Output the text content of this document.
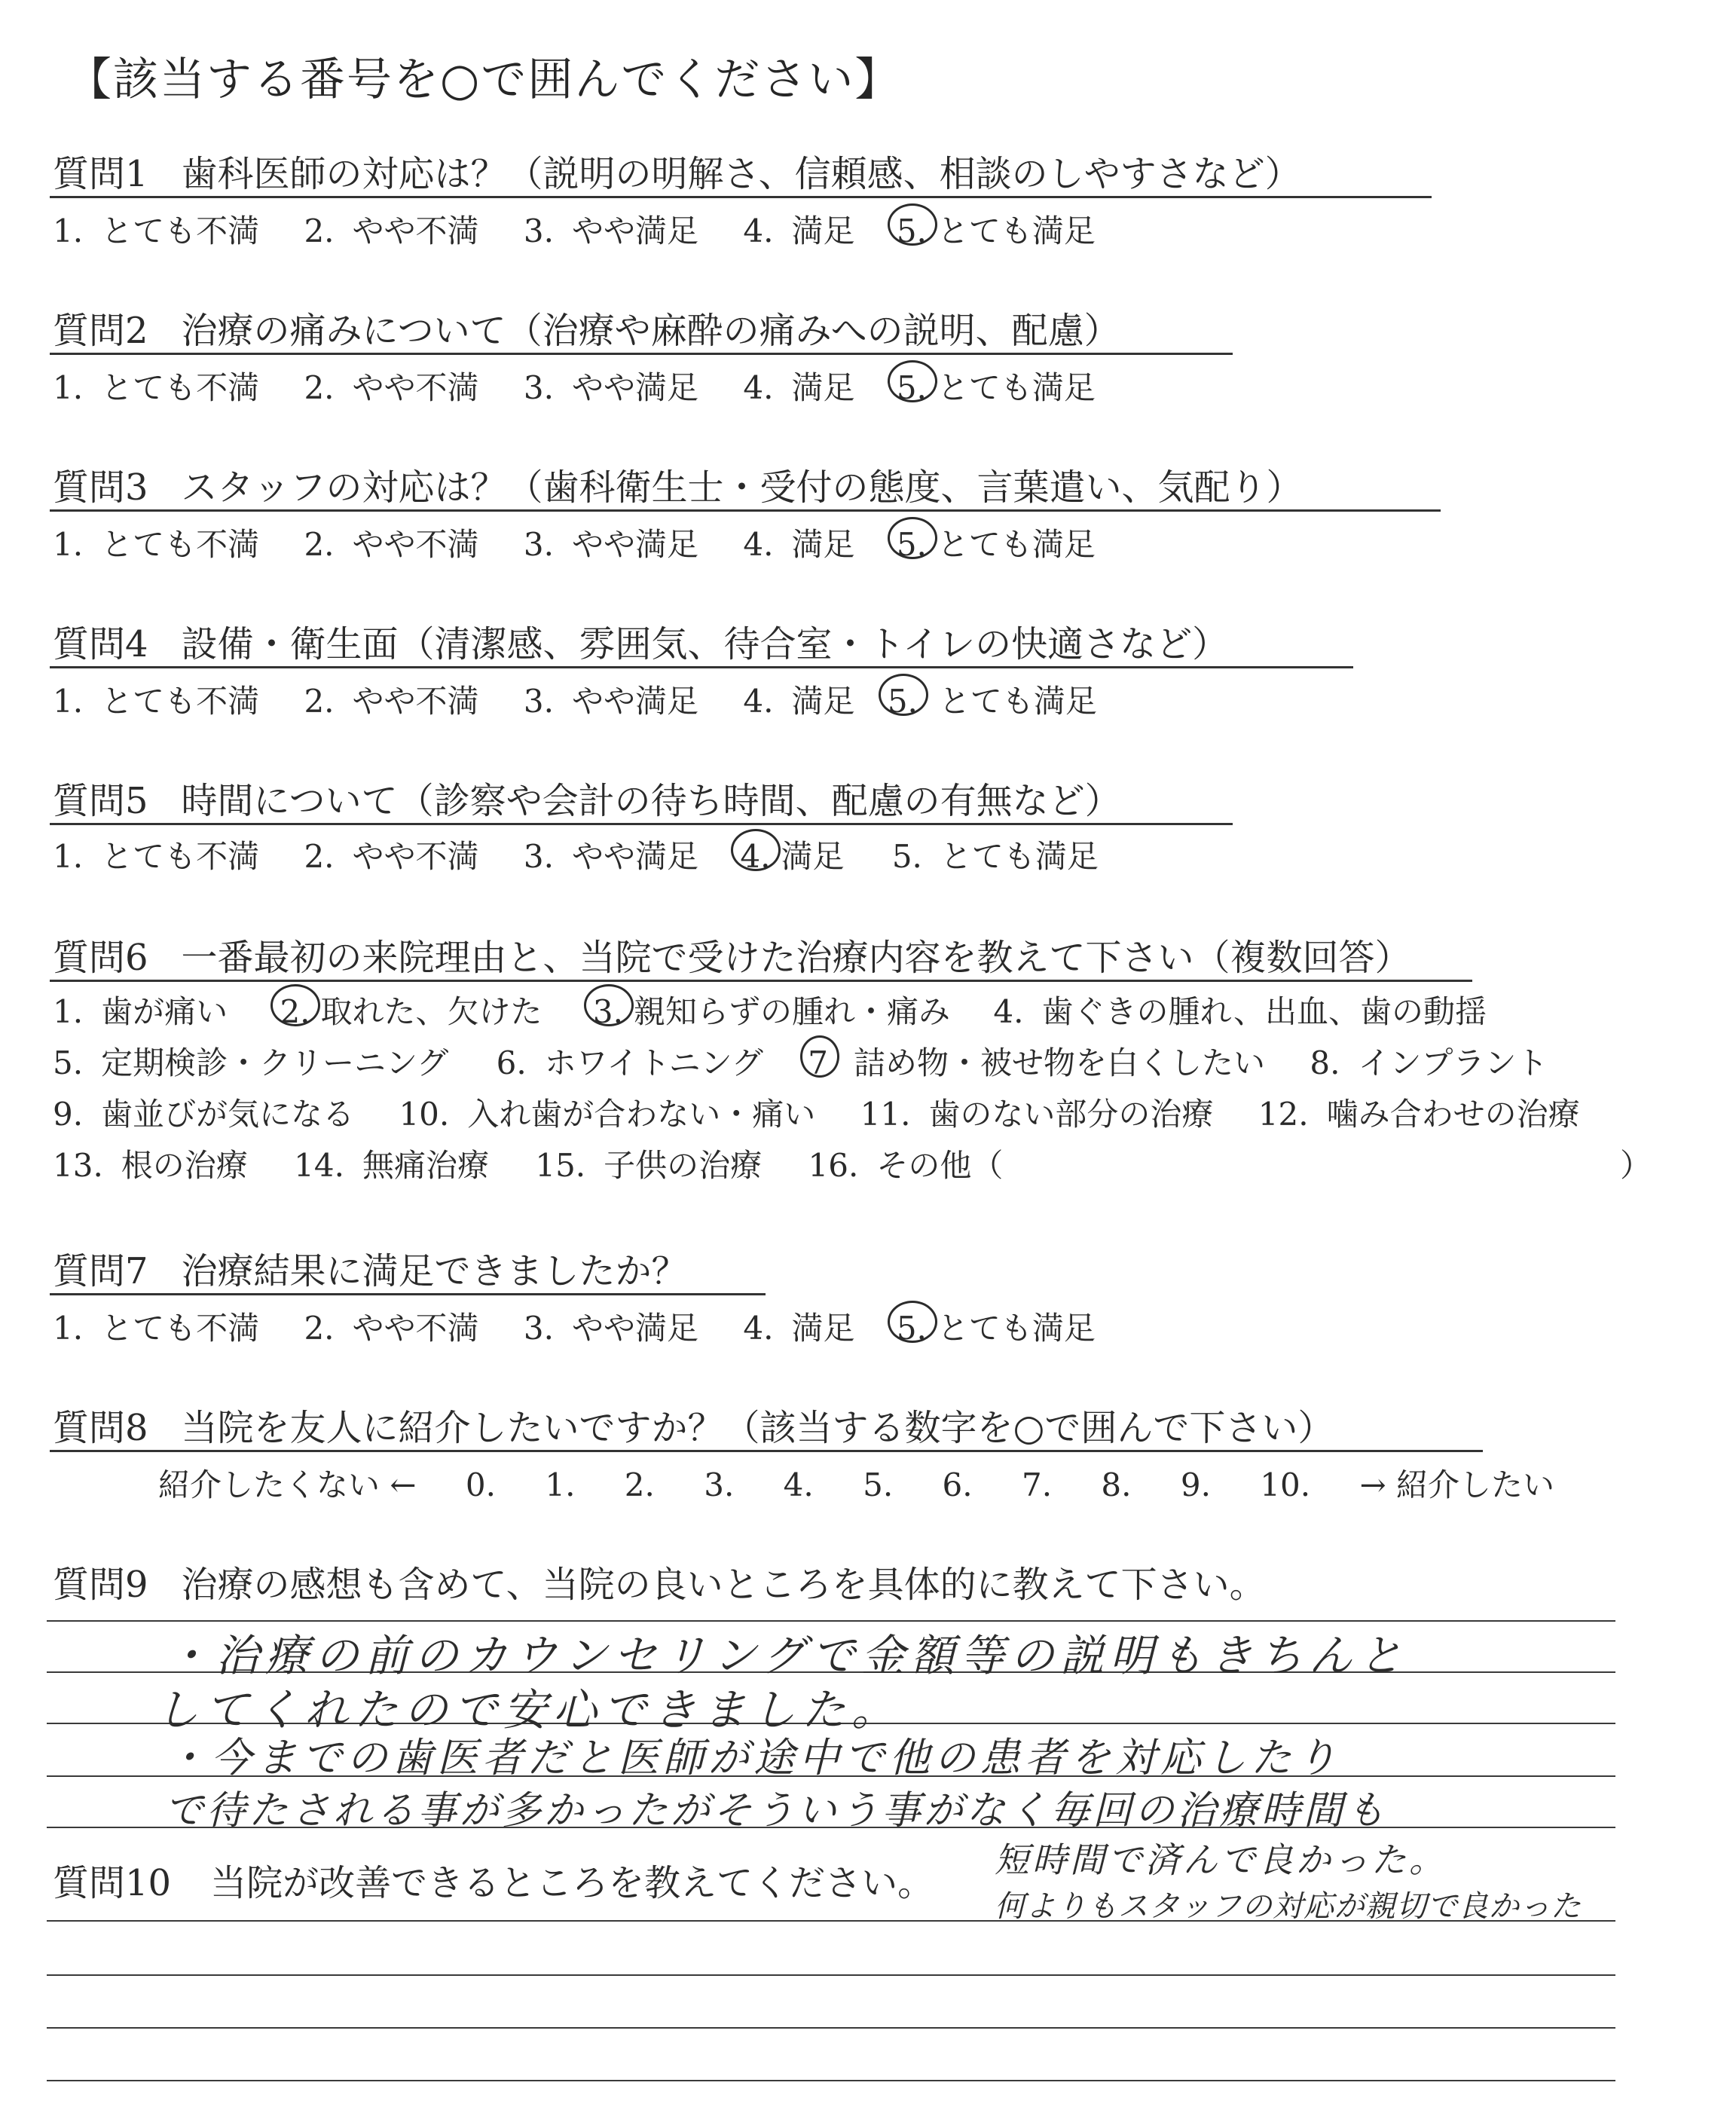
【該当する番号を○で囲んでください】
質問1 歯科医師の対応は？（説明の明解さ、信頼感、相談のしやすさなど）
1. とても不満 2. やや不満 3. やや満足 4. 満足 5. とても満足
質問2 治療の痛みについて（治療や麻酔の痛みへの説明、配慮）
1. とても不満 2. やや不満 3. やや満足 4. 満足 5. とても満足
質問3 スタッフの対応は？（歯科衛生士・受付の態度、言葉遣い、気配り）
1. とても不満 2. やや不満 3. やや満足 4. 満足 5. とても満足
質問4 設備・衛生面（清潔感、雰囲気、待合室・トイレの快適さなど）
1. とても不満 2. やや不満 3. やや満足 4. 満足 5. とても満足
質問5 時間について（診察や会計の待ち時間、配慮の有無など）
1. とても不満 2. やや不満 3. やや満足 4. 満足 5. とても満足
質問6 一番最初の来院理由と、当院で受けた治療内容を教えて下さい（複数回答）
1. 歯が痛い 2. 取れた、欠けた 3. 親知らずの腫れ・痛み 4. 歯ぐきの腫れ、出血、歯の動揺
5. 定期検診・クリーニング 6. ホワイトニング 7 詰め物・被せ物を白くしたい 8. インプラント
9. 歯並びが気になる 10. 入れ歯が合わない・痛い 11. 歯のない部分の治療 12. 噛み合わせの治療
13. 根の治療 14. 無痛治療 15. 子供の治療 16. その他（	）
質問7 治療結果に満足できましたか？
1. とても不満 2. やや不満 3. やや満足 4. 満足 5. とても満足
質問8 当院を友人に紹介したいですか？（該当する数字を○で囲んで下さい）
紹介したくない ← 0. 1. 2. 3. 4. 5. 6. 7. 8. 9. 10. → 紹介したい
質問9 治療の感想も含めて、当院の良いところを具体的に教えて下さい。
・治療の前のカウンセリングで金額等の説明もきちんと
してくれたので安心できました。
・今までの歯医者だと医師が途中で他の患者を対応したり
で待たされる事が多かったがそういう事がなく毎回の治療時間も
短時間で済んで良かった。
何よりもスタッフの対応が親切で良かった
質問10 当院が改善できるところを教えてください。
